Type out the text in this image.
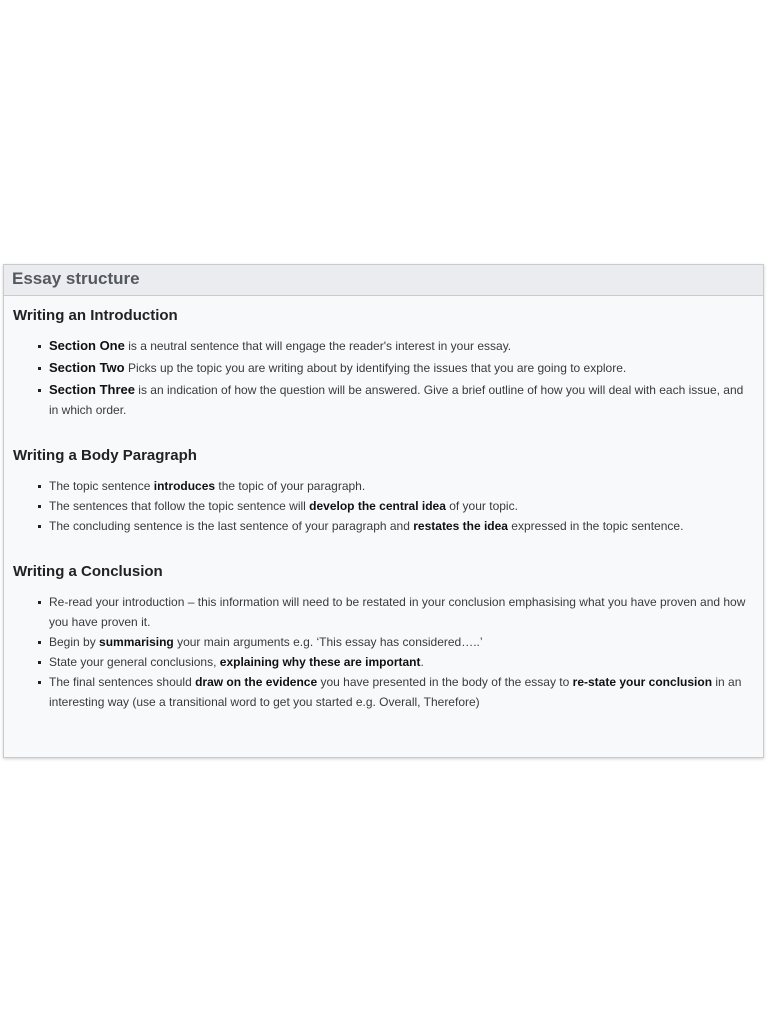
Essay structure
Writing an Introduction
Section One is a neutral sentence that will engage the reader's interest in your essay.
Section Two Picks up the topic you are writing about by identifying the issues that you are going to explore.
Section Three is an indication of how the question will be answered. Give a brief outline of how you will deal with each issue, and in which order.
Writing a Body Paragraph
The topic sentence introduces the topic of your paragraph.
The sentences that follow the topic sentence will develop the central idea of your topic.
The concluding sentence is the last sentence of your paragraph and restates the idea expressed in the topic sentence.
Writing a Conclusion
Re-read your introduction – this information will need to be restated in your conclusion emphasising what you have proven and how you have proven it.
Begin by summarising your main arguments e.g. ‘This essay has considered…..’
State your general conclusions, explaining why these are important.
The final sentences should draw on the evidence you have presented in the body of the essay to re-state your conclusion in an interesting way (use a transitional word to get you started e.g. Overall, Therefore)
